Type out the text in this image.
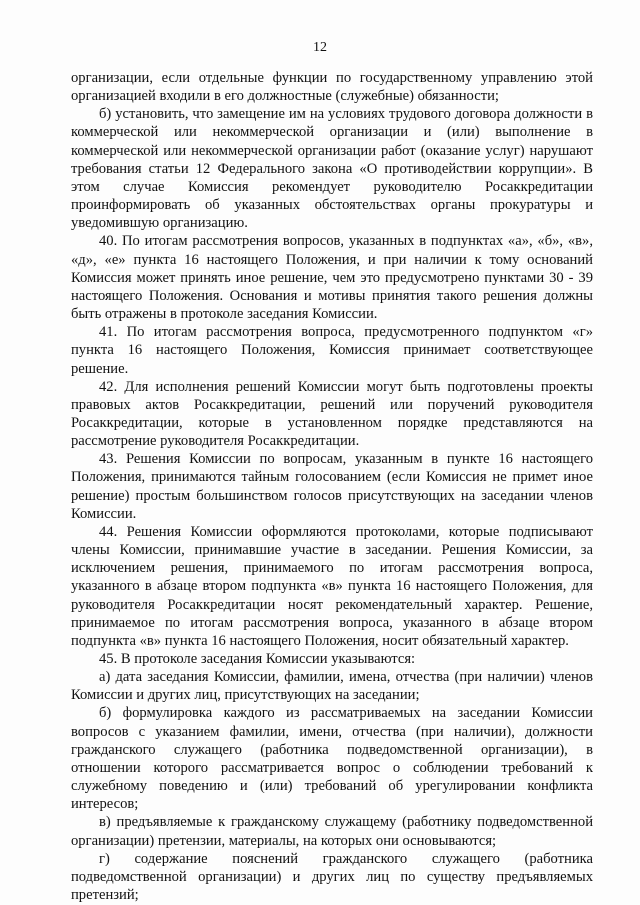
12

организации, если отдельные функции по государственному управлению этой организацией входили в его должностные (служебные) обязанности;

б) установить, что замещение им на условиях трудового договора должности в коммерческой или некоммерческой организации и (или) выполнение в коммерческой или некоммерческой организации работ (оказание услуг) нарушают требования статьи 12 Федерального закона «О противодействии коррупции». В этом случае Комиссия рекомендует руководителю Росаккредитации проинформировать об указанных обстоятельствах органы прокуратуры и уведомившую организацию.

40. По итогам рассмотрения вопросов, указанных в подпунктах «а», «б», «в», «д», «е» пункта 16 настоящего Положения, и при наличии к тому оснований Комиссия может принять иное решение, чем это предусмотрено пунктами 30 - 39 настоящего Положения. Основания и мотивы принятия такого решения должны быть отражены в протоколе заседания Комиссии.

41. По итогам рассмотрения вопроса, предусмотренного подпунктом «г» пункта 16 настоящего Положения, Комиссия принимает соответствующее решение.

42. Для исполнения решений Комиссии могут быть подготовлены проекты правовых актов Росаккредитации, решений или поручений руководителя Росаккредитации, которые в установленном порядке представляются на рассмотрение руководителя Росаккредитации.

43. Решения Комиссии по вопросам, указанным в пункте 16 настоящего Положения, принимаются тайным голосованием (если Комиссия не примет иное решение) простым большинством голосов присутствующих на заседании членов Комиссии.

44. Решения Комиссии оформляются протоколами, которые подписывают члены Комиссии, принимавшие участие в заседании. Решения Комиссии, за исключением решения, принимаемого по итогам рассмотрения вопроса, указанного в абзаце втором подпункта «в» пункта 16 настоящего Положения, для руководителя Росаккредитации носят рекомендательный характер. Решение, принимаемое по итогам рассмотрения вопроса, указанного в абзаце втором подпункта «в» пункта 16 настоящего Положения, носит обязательный характер.

45. В протоколе заседания Комиссии указываются:

а) дата заседания Комиссии, фамилии, имена, отчества (при наличии) членов Комиссии и других лиц, присутствующих на заседании;

б) формулировка каждого из рассматриваемых на заседании Комиссии вопросов с указанием фамилии, имени, отчества (при наличии), должности гражданского служащего (работника подведомственной организации), в отношении которого рассматривается вопрос о соблюдении требований к служебному поведению и (или) требований об урегулировании конфликта интересов;

в) предъявляемые к гражданскому служащему (работнику подведомственной организации) претензии, материалы, на которых они основываются;

г) содержание пояснений гражданского служащего (работника подведомственной организации) и других лиц по существу предъявляемых претензий;
